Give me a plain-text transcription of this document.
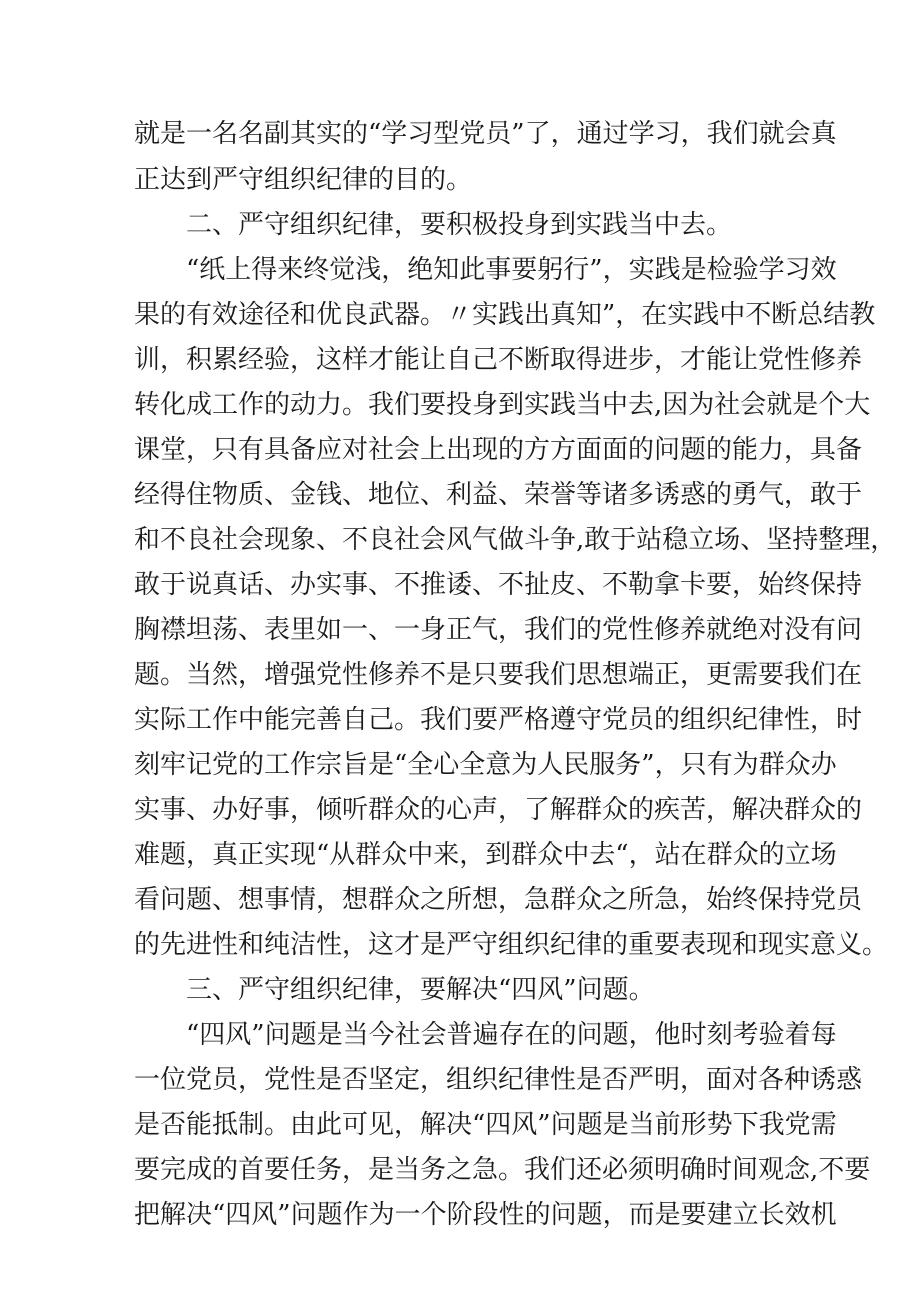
就是一名名副其实的“学习型党员”了，通过学习，我们就会真
正达到严守组织纪律的目的。
二、严守组织纪律，要积极投身到实践当中去。
“纸上得来终觉浅，绝知此事要躬行”，实践是检验学习效
果的有效途径和优良武器。〃实践出真知”，在实践中不断总结教
训，积累经验，这样才能让自己不断取得进步，才能让党性修养
转化成工作的动力。我们要投身到实践当中去,因为社会就是个大
课堂，只有具备应对社会上出现的方方面面的问题的能力，具备
经得住物质、金钱、地位、利益、荣誉等诸多诱惑的勇气，敢于
和不良社会现象、不良社会风气做斗争,敢于站稳立场、坚持整理，
敢于说真话、办实事、不推诿、不扯皮、不勒拿卡要，始终保持
胸襟坦荡、表里如一、一身正气，我们的党性修养就绝对没有问
题。当然，增强党性修养不是只要我们思想端正，更需要我们在
实际工作中能完善自己。我们要严格遵守党员的组织纪律性，时
刻牢记党的工作宗旨是“全心全意为人民服务”，只有为群众办
实事、办好事，倾听群众的心声，了解群众的疾苦，解决群众的
难题，真正实现“从群众中来，到群众中去“，站在群众的立场
看问题、想事情，想群众之所想，急群众之所急，始终保持党员
的先进性和纯洁性，这才是严守组织纪律的重要表现和现实意义。
三、严守组织纪律，要解决“四风”问题。
“四风”问题是当今社会普遍存在的问题，他时刻考验着每
一位党员，党性是否坚定，组织纪律性是否严明，面对各种诱惑
是否能抵制。由此可见，解决“四风”问题是当前形势下我党需
要完成的首要任务，是当务之急。我们还必须明确时间观念,不要
把解决“四风”问题作为一个阶段性的问题，而是要建立长效机
